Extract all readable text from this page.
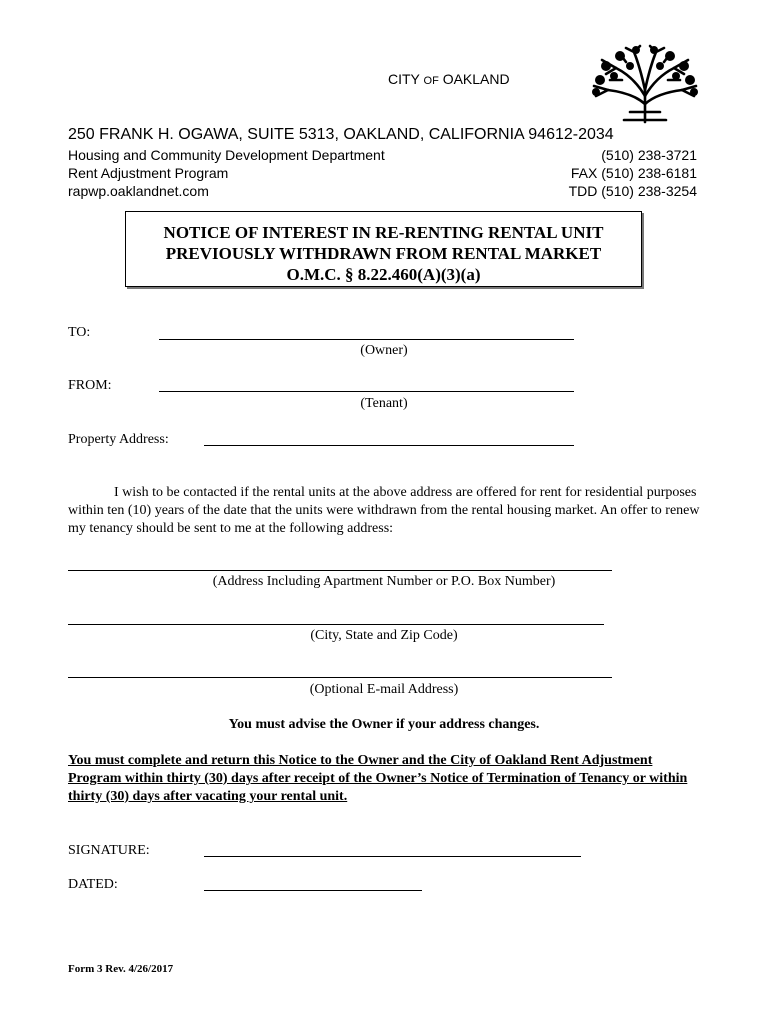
CITY OF OAKLAND
250 FRANK H. OGAWA, SUITE 5313, OAKLAND, CALIFORNIA 94612-2034
Housing and Community Development Department
Rent Adjustment Program
rapwp.oaklandnet.com
(510) 238-3721
FAX (510) 238-6181
TDD (510) 238-3254
NOTICE OF INTEREST IN RE-RENTING RENTAL UNIT
PREVIOUSLY WITHDRAWN FROM RENTAL MARKET
O.M.C. § 8.22.460(A)(3)(a)
TO:
(Owner)
FROM:
(Tenant)
Property Address:
I wish to be contacted if the rental units at the above address are offered for rent for residential purposes within ten (10) years of the date that the units were withdrawn from the rental housing market. An offer to renew my tenancy should be sent to me at the following address:
(Address Including Apartment Number or P.O. Box Number)
(City, State and Zip Code)
(Optional E-mail Address)
You must advise the Owner if your address changes.
You must complete and return this Notice to the Owner and the City of Oakland Rent Adjustment Program within thirty (30) days after receipt of the Owner’s Notice of Termination of Tenancy or within thirty (30) days after vacating your rental unit.
SIGNATURE:
DATED:
Form 3 Rev. 4/26/2017
